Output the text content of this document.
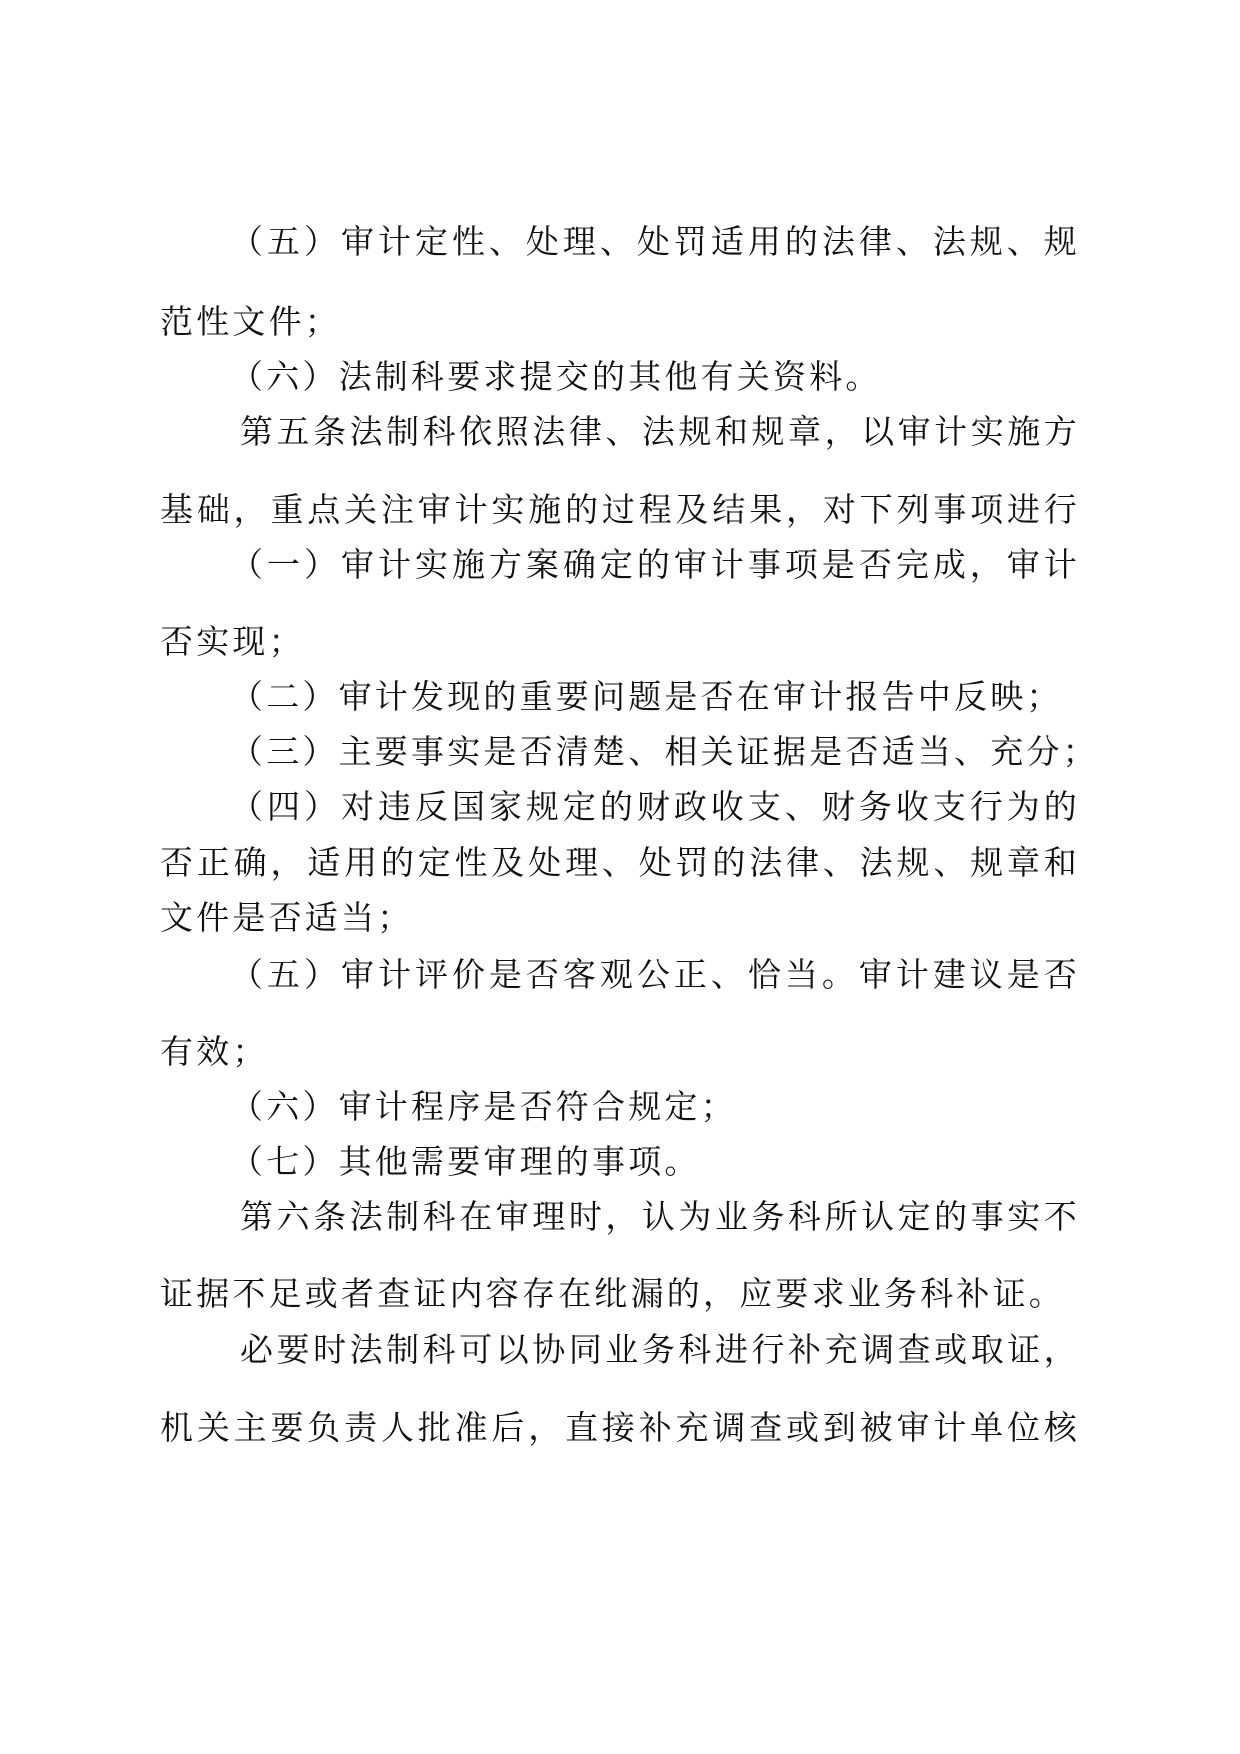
（五）审计定性、处理、处罚适用的法律、法规、规
范性文件；
（六）法制科要求提交的其他有关资料。
第五条法制科依照法律、法规和规章，以审计实施方
基础，重点关注审计实施的过程及结果，对下列事项进行
（一）审计实施方案确定的审计事项是否完成，审计
否实现；
（二）审计发现的重要问题是否在审计报告中反映；
（三）主要事实是否清楚、相关证据是否适当、充分；
（四）对违反国家规定的财政收支、财务收支行为的
否正确，适用的定性及处理、处罚的法律、法规、规章和
文件是否适当；
（五）审计评价是否客观公正、恰当。审计建议是否
有效；
（六）审计程序是否符合规定；
（七）其他需要审理的事项。
第六条法制科在审理时，认为业务科所认定的事实不
证据不足或者查证内容存在纰漏的，应要求业务科补证。
必要时法制科可以协同业务科进行补充调查或取证，
机关主要负责人批准后，直接补充调查或到被审计单位核
